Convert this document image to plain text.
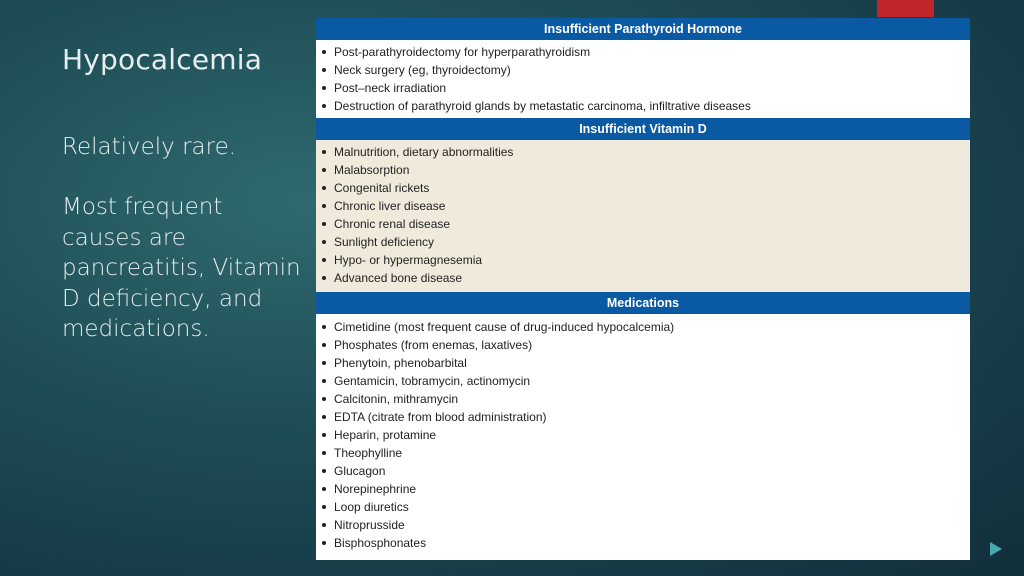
Hypocalcemia
Relatively rare.
Most frequent causes are pancreatitis, Vitamin D deficiency, and medications.
Insufficient Parathyroid Hormone
Post-parathyroidectomy for hyperparathyroidism
Neck surgery (eg, thyroidectomy)
Post–neck irradiation
Destruction of parathyroid glands by metastatic carcinoma, infiltrative diseases
Insufficient Vitamin D
Malnutrition, dietary abnormalities
Malabsorption
Congenital rickets
Chronic liver disease
Chronic renal disease
Sunlight deficiency
Hypo- or hypermagnesemia
Advanced bone disease
Medications
Cimetidine (most frequent cause of drug-induced hypocalcemia)
Phosphates (from enemas, laxatives)
Phenytoin, phenobarbital
Gentamicin, tobramycin, actinomycin
Calcitonin, mithramycin
EDTA (citrate from blood administration)
Heparin, protamine
Theophylline
Glucagon
Norepinephrine
Loop diuretics
Nitroprusside
Bisphosphonates
